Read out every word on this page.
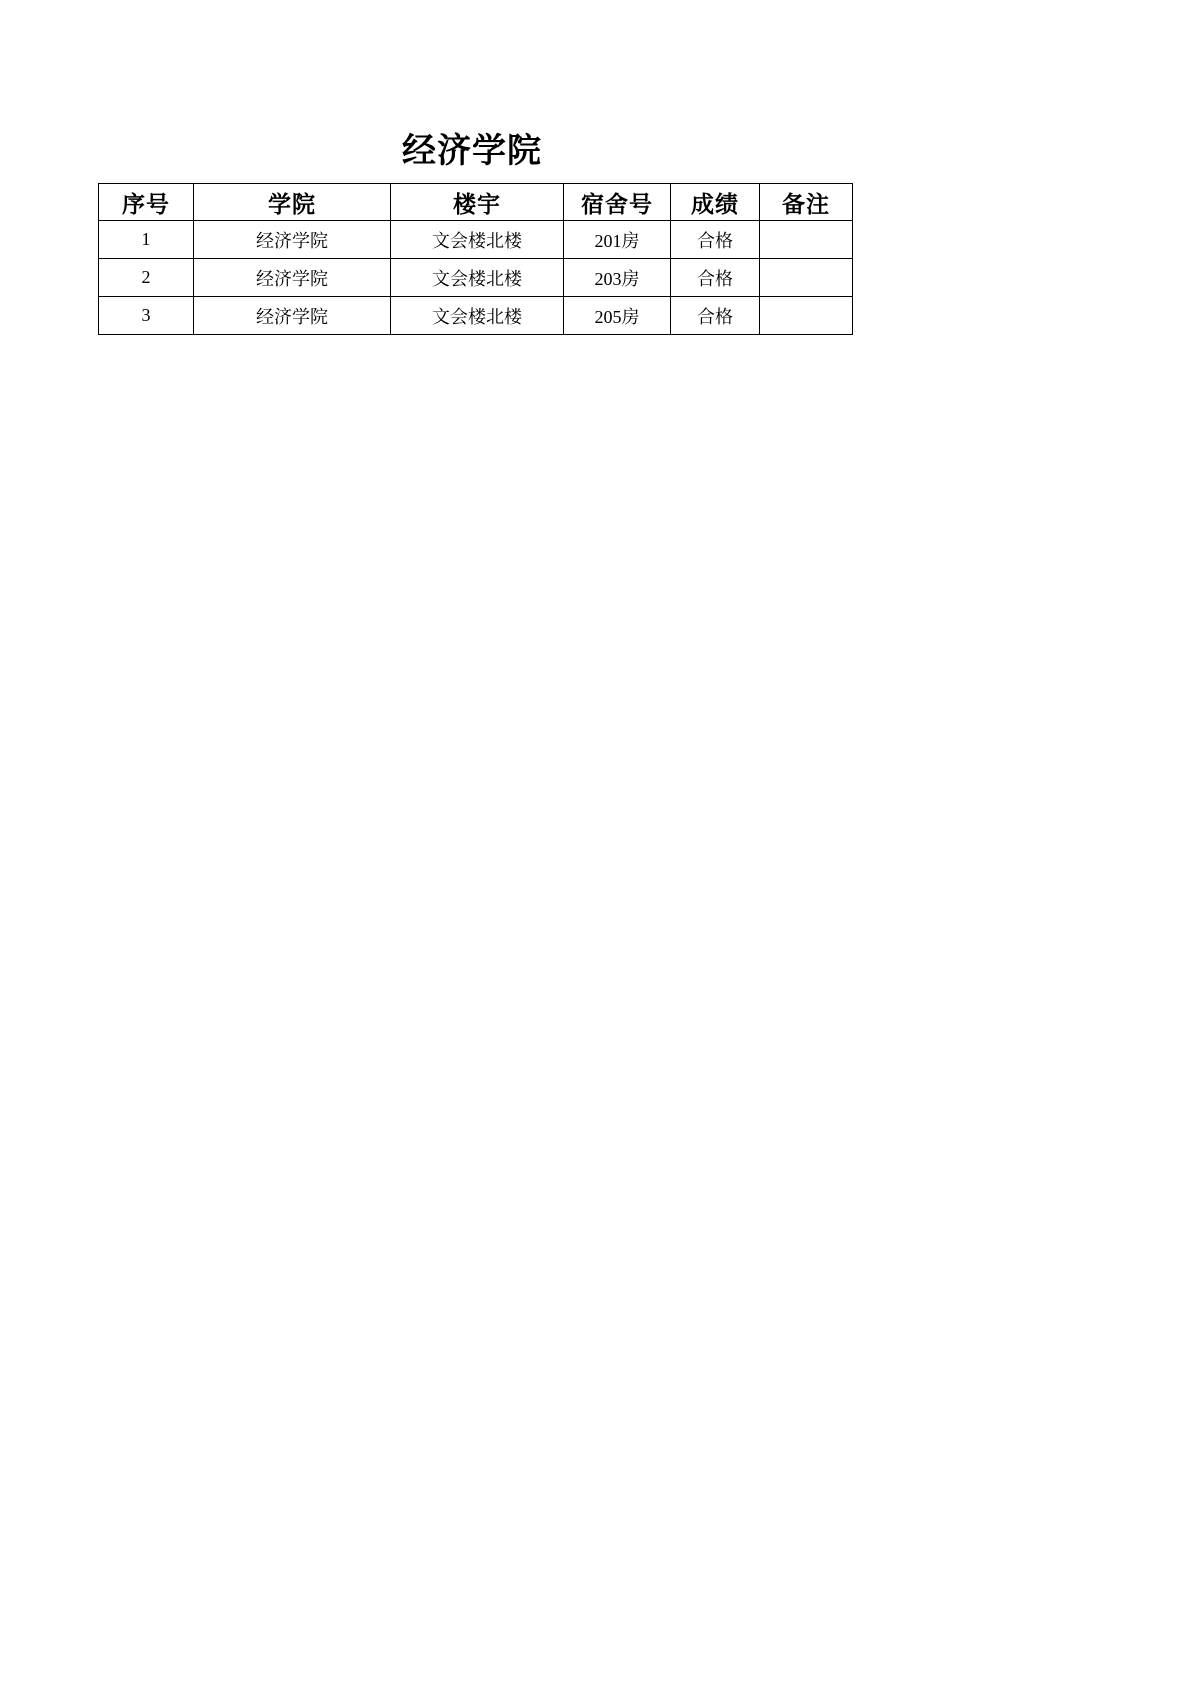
经济学院
序号	学院	楼宇	宿舍号	成绩	备注
1	经济学院	文会楼北楼	201房	合格	
2	经济学院	文会楼北楼	203房	合格	
3	经济学院	文会楼北楼	205房	合格	
